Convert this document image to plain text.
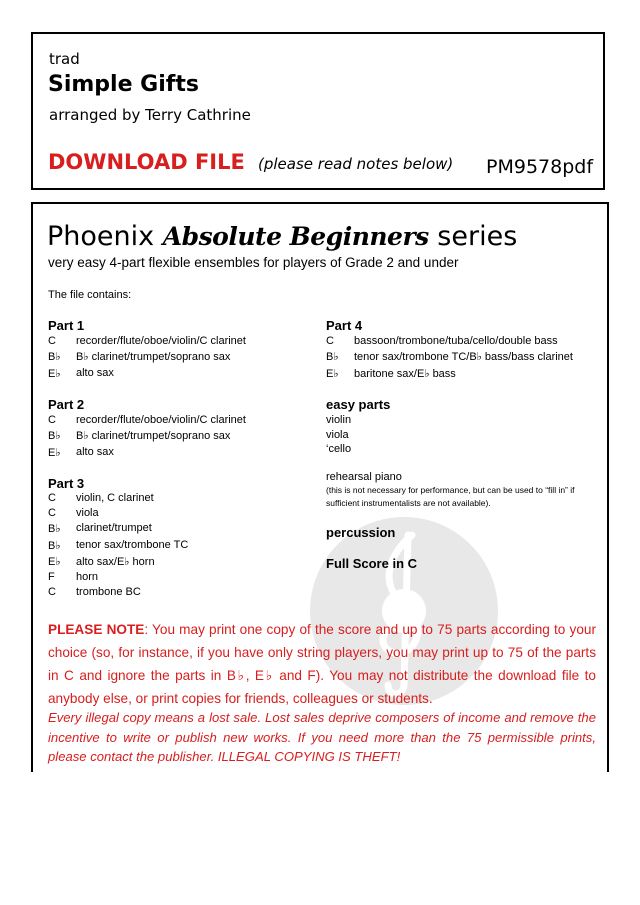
trad
Simple Gifts
arranged by Terry Cathrine
DOWNLOAD FILE (please read notes below) PM9578pdf
Phoenix Absolute Beginners series
very easy 4-part flexible ensembles for players of Grade 2 and under
The file contains:
Part 1
C recorder/flute/oboe/violin/C clarinet
B♭ B♭ clarinet/trumpet/soprano sax
E♭ alto sax
Part 2
C recorder/flute/oboe/violin/C clarinet
B♭ B♭ clarinet/trumpet/soprano sax
E♭ alto sax
Part 3
C violin, C clarinet
C viola
B♭ clarinet/trumpet
B♭ tenor sax/trombone TC
E♭ alto sax/E♭ horn
F horn
C trombone BC
Part 4
C bassoon/trombone/tuba/cello/double bass
B♭ tenor sax/trombone TC/B♭ bass/bass clarinet
E♭ baritone sax/E♭ bass
easy parts
violin
viola
‘cello
rehearsal piano
(this is not necessary for performance, but can be used to “fill in” if sufficient instrumentalists are not available).
percussion
Full Score in C
PLEASE NOTE: You may print one copy of the score and up to 75 parts according to your choice (so, for instance, if you have only string players, you may print up to 75 of the parts in C and ignore the parts in B♭, E♭ and F). You may not distribute the download file to anybody else, or print copies for friends, colleagues or students.
Every illegal copy means a lost sale. Lost sales deprive composers of income and remove the incentive to write or publish new works. If you need more than the 75 permissible prints, please contact the publisher. ILLEGAL COPYING IS THEFT!
